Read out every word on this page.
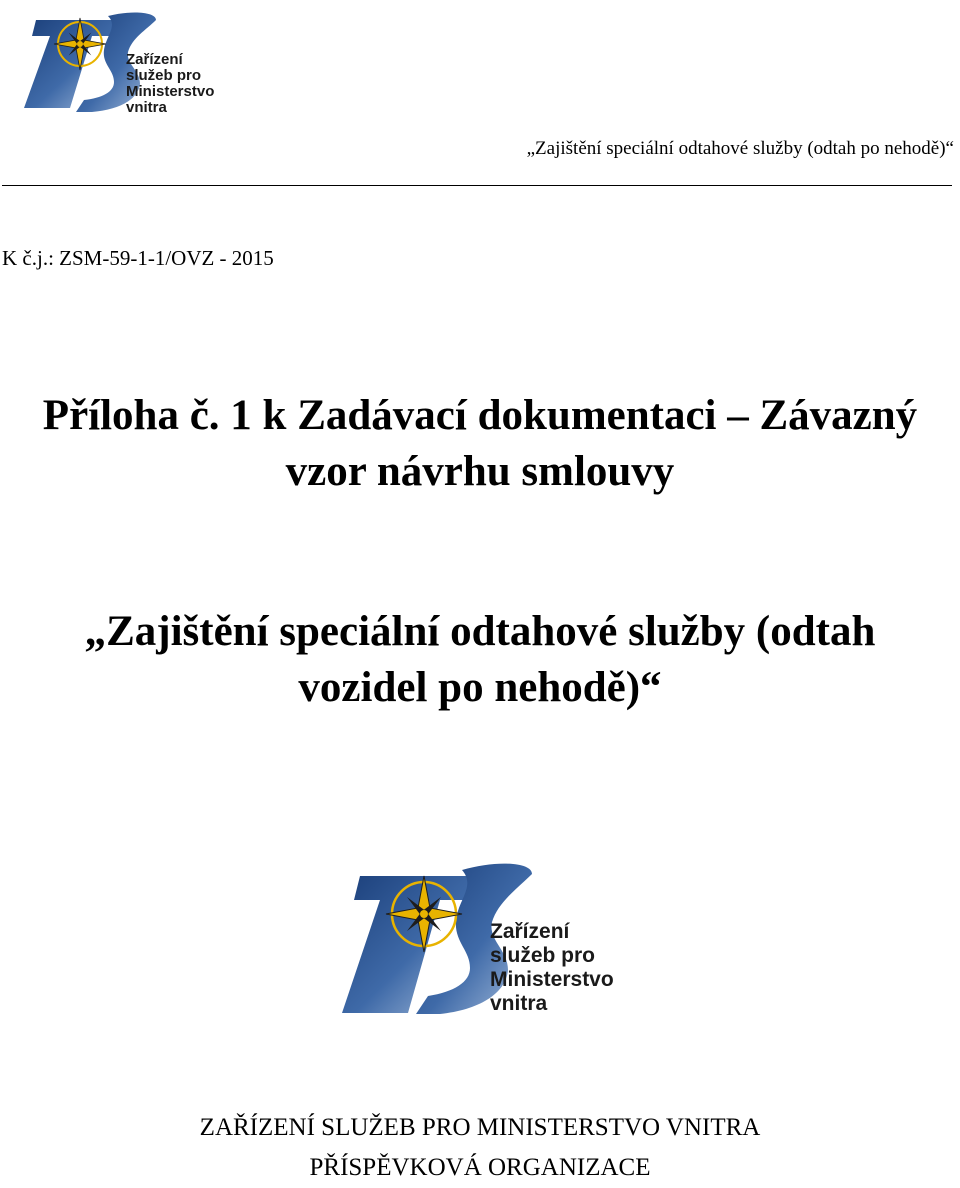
Zařízení
služeb pro
Ministerstvo
vnitra
„Zajištění speciální odtahové služby (odtah po nehodě)“
K č.j.: ZSM-59-1-1/OVZ - 2015
Příloha č. 1 k Zadávací dokumentaci – Závazný
vzor návrhu smlouvy
„Zajištění speciální odtahové služby (odtah
vozidel po nehodě)“
Zařízení
služeb pro
Ministerstvo
vnitra
ZAŘÍZENÍ SLUŽEB PRO MINISTERSTVO VNITRA
PŘÍSPĚVKOVÁ ORGANIZACE
